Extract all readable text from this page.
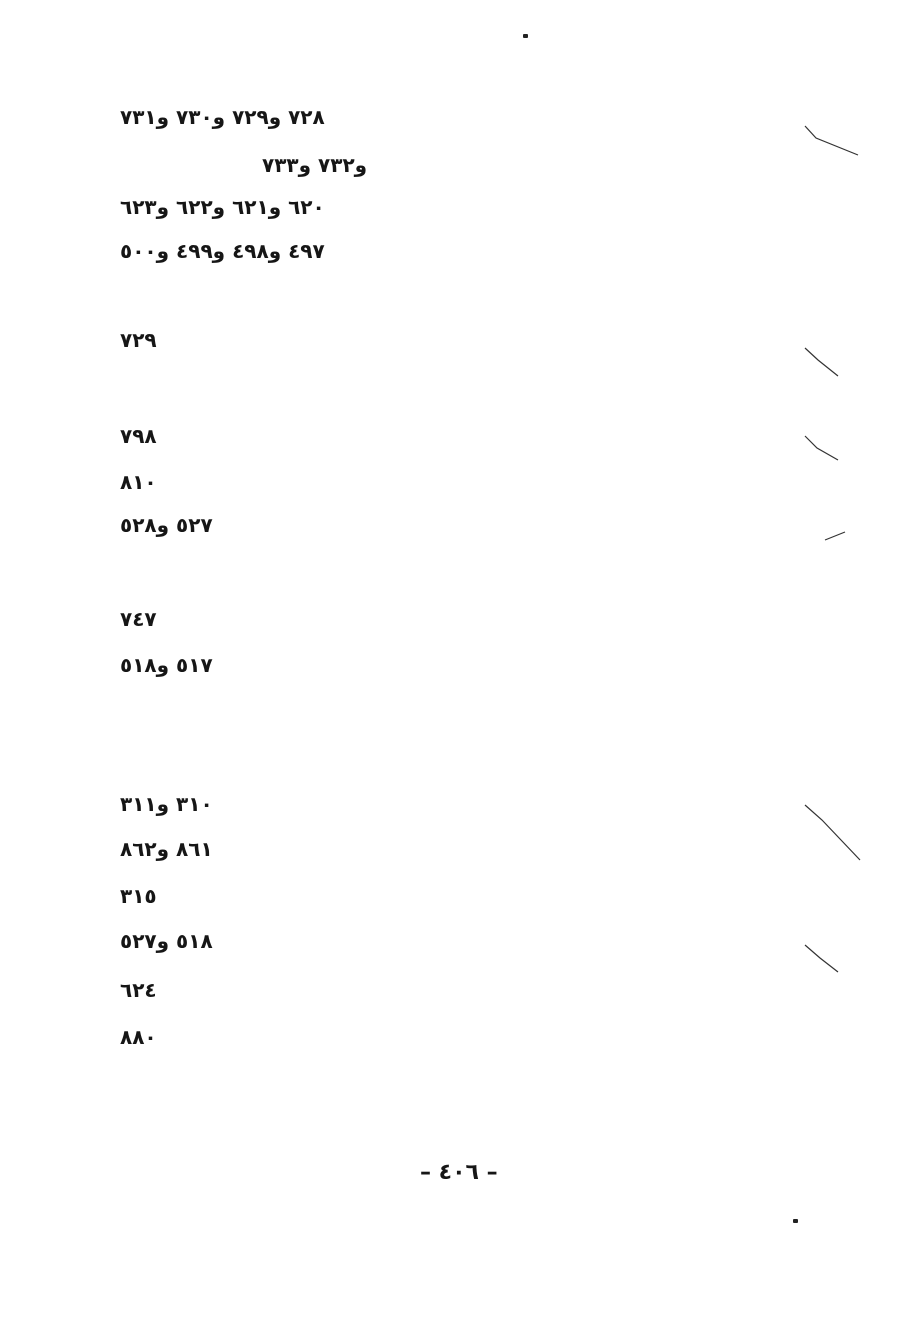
٧٢٨ و٧٢٩ و٧٣٠ و٧٣١
و٧٣٢ و٧٣٣
٦٢٠ و٦٢١ و٦٢٢ و٦٢٣
٤٩٧ و٤٩٨ و٤٩٩ و٥٠٠
٧٢٩
٧٩٨
٨١٠
٥٢٧ و٥٢٨
٧٤٧
٥١٧ و٥١٨
٣١٠ و٣١١
٨٦١ و٨٦٢
٣١٥
٥١٨ و٥٢٧
٦٢٤
٨٨٠
– ٤٠٦ –
